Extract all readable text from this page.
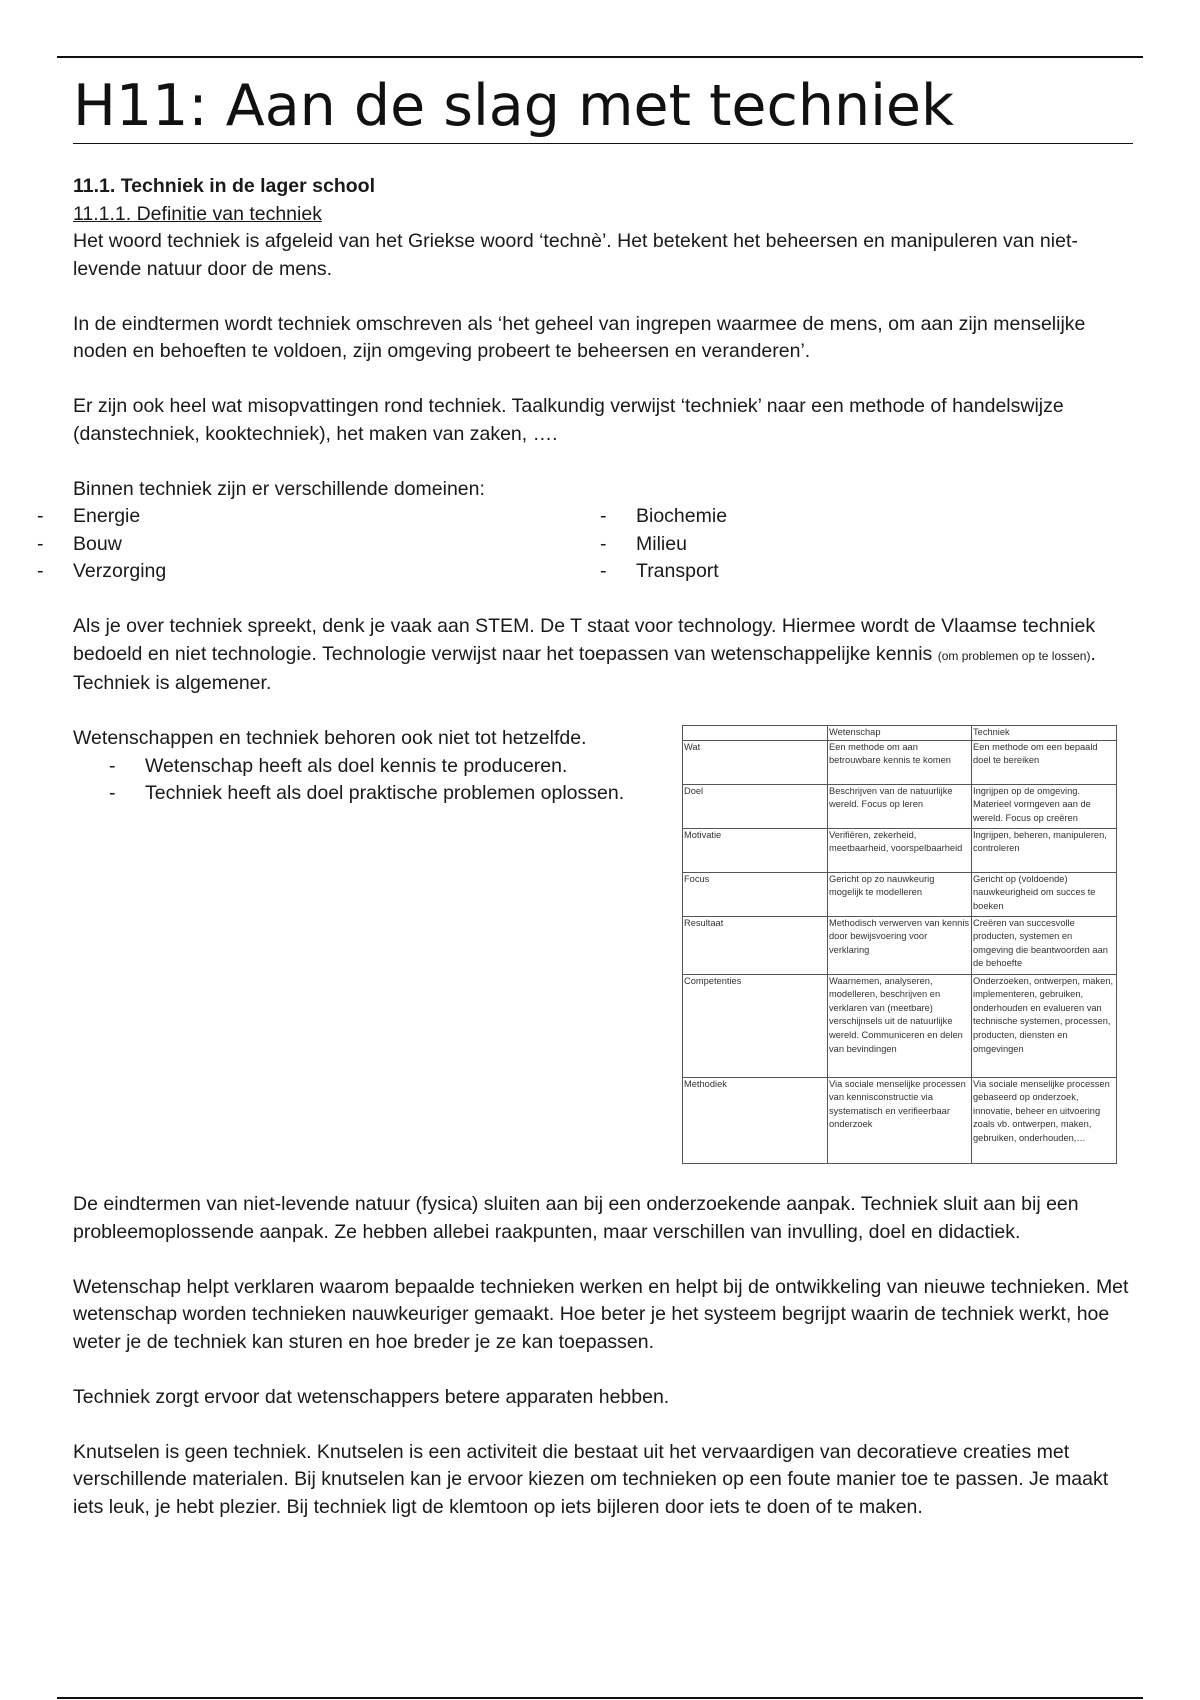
H11: Aan de slag met techniek

11.1. Techniek in de lager school

11.1.1. Definitie van techniek

Het woord techniek is afgeleid van het Griekse woord ‘technè’. Het betekent het beheersen en manipuleren van niet-levende natuur door de mens.

In de eindtermen wordt techniek omschreven als ‘het geheel van ingrepen waarmee de mens, om aan zijn menselijke noden en behoeften te voldoen, zijn omgeving probeert te beheersen en veranderen’.

Er zijn ook heel wat misopvattingen rond techniek. Taalkundig verwijst ‘techniek’ naar een methode of handelswijze (danstechniek, kooktechniek), het maken van zaken, ….

Binnen techniek zijn er verschillende domeinen:

- Energie
- Bouw
- Verzorging
- Biochemie
- Milieu
- Transport

Als je over techniek spreekt, denk je vaak aan STEM. De T staat voor technology. Hiermee wordt de Vlaamse techniek bedoeld en niet technologie. Technologie verwijst naar het toepassen van wetenschappelijke kennis (om problemen op te lossen). Techniek is algemener.

Wetenschappen en techniek behoren ook niet tot hetzelfde.

- Wetenschap heeft als doel kennis te produceren.
- Techniek heeft als doel praktische problemen oplossen.
	Wetenschap	Techniek
Wat	Een methode om aan betrouwbare kennis te komen	Een methode om een bepaald doel te bereiken
Doel	Beschrijven van de natuurlijke wereld. Focus op leren	Ingrijpen op de omgeving. Materieel vormgeven aan de wereld. Focus op creëren
Motivatie	Verifiëren, zekerheid, meetbaarheid, voorspelbaarheid	Ingrijpen, beheren, manipuleren, controleren
Focus	Gericht op zo nauwkeurig mogelijk te modelleren	Gericht op (voldoende) nauwkeurigheid om succes te boeken
Resultaat	Methodisch verwerven van kennis door bewijsvoering voor verklaring	Creëren van succesvolle producten, systemen en omgeving die beantwoorden aan de behoefte
Competenties	Waarnemen, analyseren, modelleren, beschrijven en verklaren van (meetbare) verschijnsels uit de natuurlijke wereld. Communiceren en delen van bevindingen	Onderzoeken, ontwerpen, maken, implementeren, gebruiken, onderhouden en evalueren van technische systemen, processen, producten, diensten en omgevingen
Methodiek	Via sociale menselijke processen van kennisconstructie via systematisch en verifieerbaar onderzoek	Via sociale menselijke processen gebaseerd op onderzoek, innovatie, beheer en uitvoering zoals vb. ontwerpen, maken, gebruiken, onderhouden,…

De eindtermen van niet-levende natuur (fysica) sluiten aan bij een onderzoekende aanpak. Techniek sluit aan bij een probleemoplossende aanpak. Ze hebben allebei raakpunten, maar verschillen van invulling, doel en didactiek.

Wetenschap helpt verklaren waarom bepaalde technieken werken en helpt bij de ontwikkeling van nieuwe technieken. Met wetenschap worden technieken nauwkeuriger gemaakt. Hoe beter je het systeem begrijpt waarin de techniek werkt, hoe weter je de techniek kan sturen en hoe breder je ze kan toepassen.

Techniek zorgt ervoor dat wetenschappers betere apparaten hebben.

Knutselen is geen techniek. Knutselen is een activiteit die bestaat uit het vervaardigen van decoratieve creaties met verschillende materialen. Bij knutselen kan je ervoor kiezen om technieken op een foute manier toe te passen. Je maakt iets leuk, je hebt plezier. Bij techniek ligt de klemtoon op iets bijleren door iets te doen of te maken.
